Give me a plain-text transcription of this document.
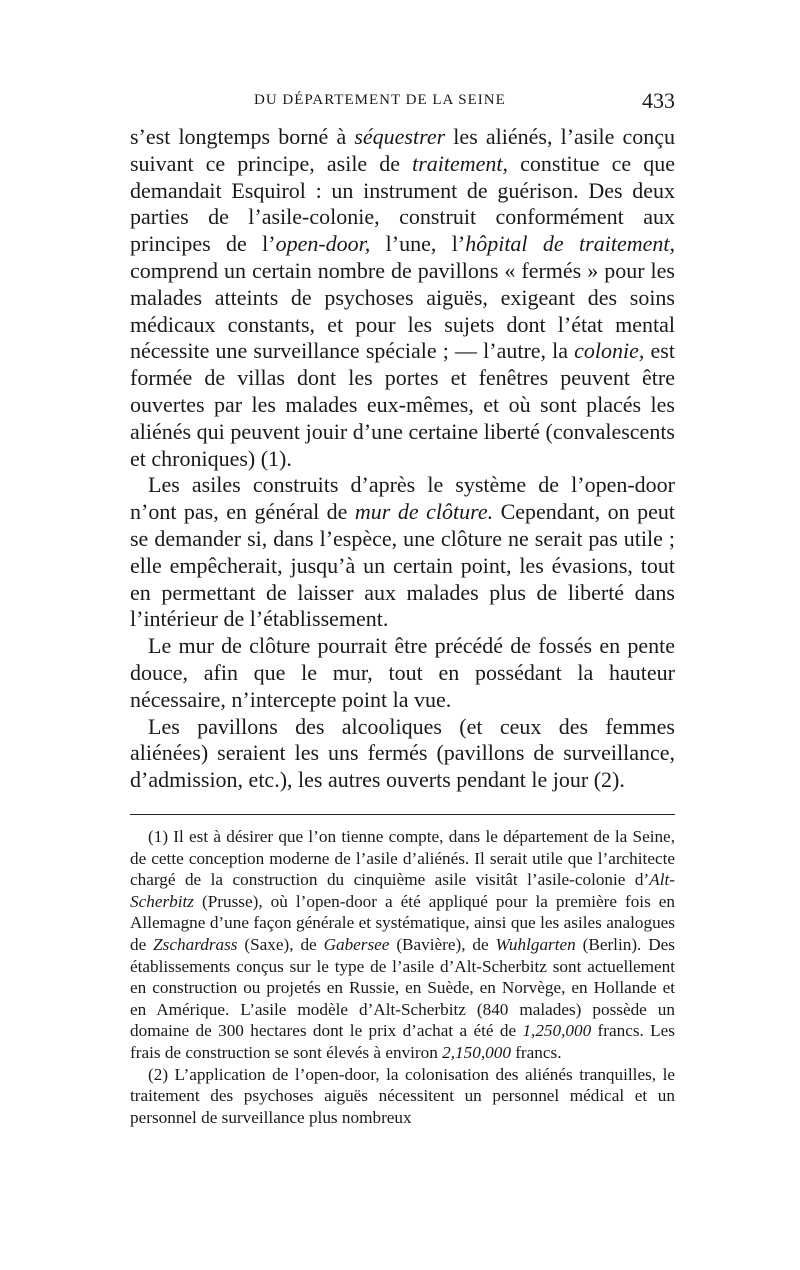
DU DÉPARTEMENT DE LA SEINE	433

s’est longtemps borné à séquestrer les aliénés, l’asile conçu suivant ce principe, asile de traitement, constitue ce que demandait Esquirol : un instrument de guérison. Des deux parties de l’asile-colonie, construit conformément aux principes de l’open-door, l’une, l’hôpital de traitement, comprend un certain nombre de pavillons « fermés » pour les malades atteints de psychoses aiguës, exigeant des soins médicaux constants, et pour les sujets dont l’état mental nécessite une surveillance spéciale ; — l’autre, la colonie, est formée de villas dont les portes et fenêtres peuvent être ouvertes par les malades eux-mêmes, et où sont placés les aliénés qui peuvent jouir d’une certaine liberté (convalescents et chroniques) (1).

Les asiles construits d’après le système de l’open-door n’ont pas, en général de mur de clôture. Cependant, on peut se demander si, dans l’espèce, une clôture ne serait pas utile ; elle empêcherait, jusqu’à un certain point, les évasions, tout en permettant de laisser aux malades plus de liberté dans l’intérieur de l’établissement.

Le mur de clôture pourrait être précédé de fossés en pente douce, afin que le mur, tout en possédant la hauteur nécessaire, n’intercepte point la vue.

Les pavillons des alcooliques (et ceux des femmes aliénées) seraient les uns fermés (pavillons de surveillance, d’admission, etc.), les autres ouverts pendant le jour (2).

(1) Il est à désirer que l’on tienne compte, dans le département de la Seine, de cette conception moderne de l’asile d’aliénés. Il serait utile que l’architecte chargé de la construction du cinquième asile visitât l’asile-colonie d’Alt-Scherbitz (Prusse), où l’open-door a été appliqué pour la première fois en Allemagne d’une façon générale et systématique, ainsi que les asiles analogues de Zschardrass (Saxe), de Gabersee (Bavière), de Wuhlgarten (Berlin). Des établissements conçus sur le type de l’asile d’Alt-Scherbitz sont actuellement en construction ou projetés en Russie, en Suède, en Norvège, en Hollande et en Amérique. L’asile modèle d’Alt-Scherbitz (840 malades) possède un domaine de 300 hectares dont le prix d’achat a été de 1,250,000 francs. Les frais de construction se sont élevés à environ 2,150,000 francs.

(2) L’application de l’open-door, la colonisation des aliénés tranquilles, le traitement des psychoses aiguës nécessitent un personnel médical et un personnel de surveillance plus nombreux
